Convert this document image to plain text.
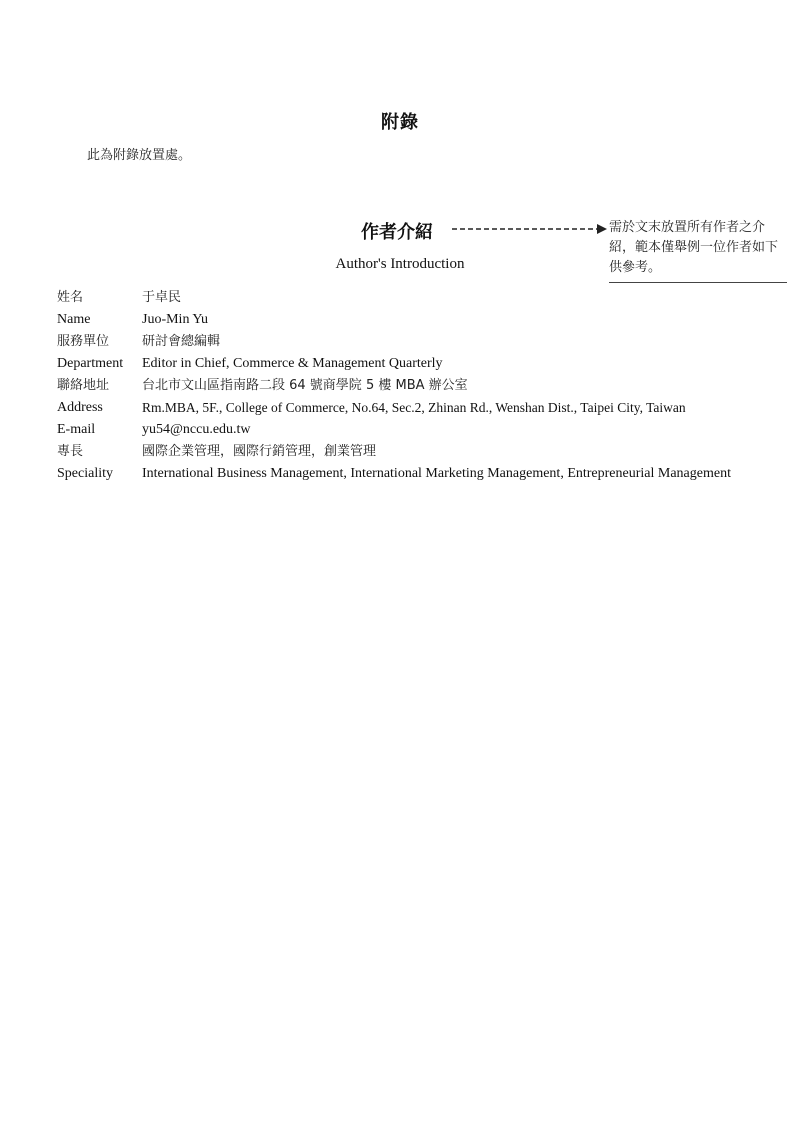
附錄
此為附錄放置處。
作者介紹	需於文末放置所有作者之介紹，範本僅舉例一位作者如下供參考。
Author's Introduction
姓名	于卓民
Name	Juo-Min Yu
服務單位	研討會總編輯
Department	Editor in Chief, Commerce & Management Quarterly
聯絡地址	台北市文山區指南路二段 64 號商學院 5 樓 MBA 辦公室
Address	Rm.MBA, 5F., College of Commerce, No.64, Sec.2, Zhinan Rd., Wenshan Dist., Taipei City, Taiwan
E-mail	yu54@nccu.edu.tw
專長	國際企業管理，國際行銷管理，創業管理
Speciality	International Business Management, International Marketing Management, Entrepreneurial Management
